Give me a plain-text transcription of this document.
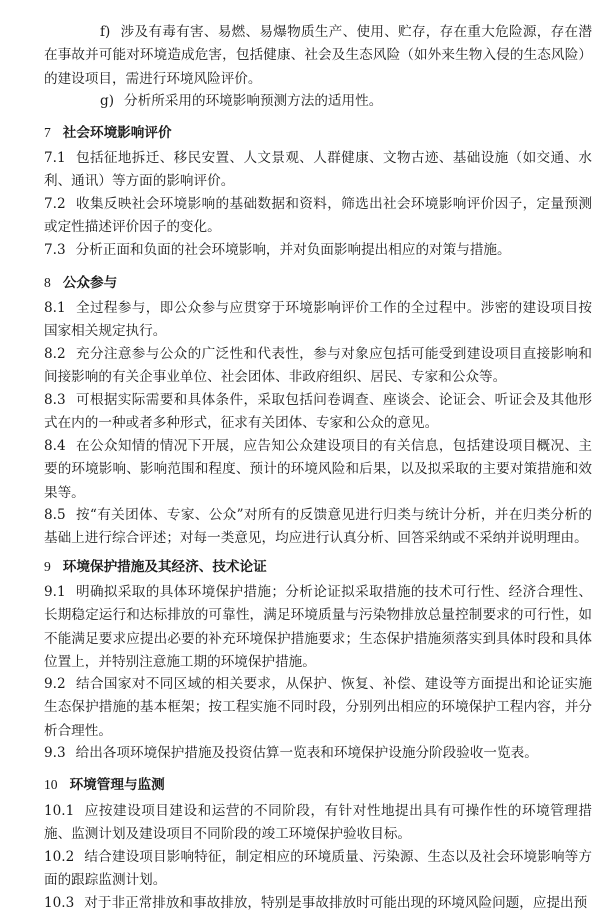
f) 涉及有毒有害、易燃、易爆物质生产、使用、贮存，存在重大危险源，存在潜在事故并可能对环境造成危害，包括健康、社会及生态风险（如外来生物入侵的生态风险）的建设项目，需进行环境风险评价。
g) 分析所采用的环境影响预测方法的适用性。
7 社会环境影响评价
7.1 包括征地拆迁、移民安置、人文景观、人群健康、文物古迹、基础设施（如交通、水利、通讯）等方面的影响评价。
7.2 收集反映社会环境影响的基础数据和资料，筛选出社会环境影响评价因子，定量预测或定性描述评价因子的变化。
7.3 分析正面和负面的社会环境影响，并对负面影响提出相应的对策与措施。
8 公众参与
8.1 全过程参与，即公众参与应贯穿于环境影响评价工作的全过程中。涉密的建设项目按国家相关规定执行。
8.2 充分注意参与公众的广泛性和代表性，参与对象应包括可能受到建设项目直接影响和间接影响的有关企事业单位、社会团体、非政府组织、居民、专家和公众等。
8.3 可根据实际需要和具体条件，采取包括问卷调查、座谈会、论证会、听证会及其他形式在内的一种或者多种形式，征求有关团体、专家和公众的意见。
8.4 在公众知情的情况下开展，应告知公众建设项目的有关信息，包括建设项目概况、主要的环境影响、影响范围和程度、预计的环境风险和后果，以及拟采取的主要对策措施和效果等。
8.5 按“有关团体、专家、公众”对所有的反馈意见进行归类与统计分析，并在归类分析的基础上进行综合评述；对每一类意见，均应进行认真分析、回答采纳或不采纳并说明理由。
9 环境保护措施及其经济、技术论证
9.1 明确拟采取的具体环境保护措施；分析论证拟采取措施的技术可行性、经济合理性、长期稳定运行和达标排放的可靠性，满足环境质量与污染物排放总量控制要求的可行性，如不能满足要求应提出必要的补充环境保护措施要求；生态保护措施须落实到具体时段和具体位置上，并特别注意施工期的环境保护措施。
9.2 结合国家对不同区域的相关要求，从保护、恢复、补偿、建设等方面提出和论证实施生态保护措施的基本框架；按工程实施不同时段，分别列出相应的环境保护工程内容，并分析合理性。
9.3 给出各项环境保护措施及投资估算一览表和环境保护设施分阶段验收一览表。
10 环境管理与监测
10.1 应按建设项目建设和运营的不同阶段，有针对性地提出具有可操作性的环境管理措施、监测计划及建设项目不同阶段的竣工环境保护验收目标。
10.2 结合建设项目影响特征，制定相应的环境质量、污染源、生态以及社会环境影响等方面的跟踪监测计划。
10.3 对于非正常排放和事故排放，特别是事故排放时可能出现的环境风险问题，应提出预
